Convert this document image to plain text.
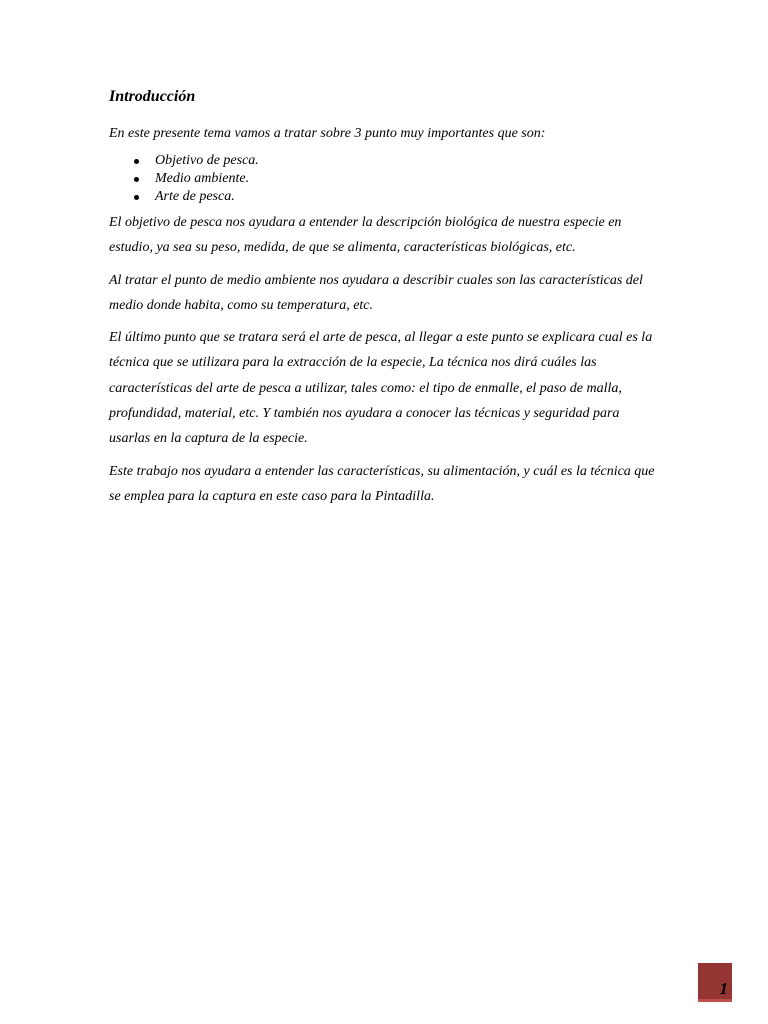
Introducción
En este presente tema vamos a tratar sobre 3 punto muy importantes que son:
Objetivo de pesca.
Medio ambiente.
Arte de pesca.

El objetivo de pesca nos ayudara a entender la descripción biológica de nuestra especie en estudio, ya sea su peso, medida, de que se alimenta, características biológicas, etc.

Al tratar el punto de medio ambiente nos ayudara a describir cuales son las características del medio donde habita, como su temperatura, etc.

El último punto que se tratara será el arte de pesca, al llegar a este punto se explicara cual es la técnica que se utilizara para la extracción de la especie, La técnica nos dirá cuáles las características del arte de pesca a utilizar, tales como: el tipo de enmalle, el paso de malla, profundidad, material, etc. Y también nos ayudara a conocer las técnicas y seguridad para usarlas en la captura de la especie.

Este trabajo nos ayudara a entender las características, su alimentación, y cuál es la técnica que se emplea para la captura en este caso para la Pintadilla.

1
